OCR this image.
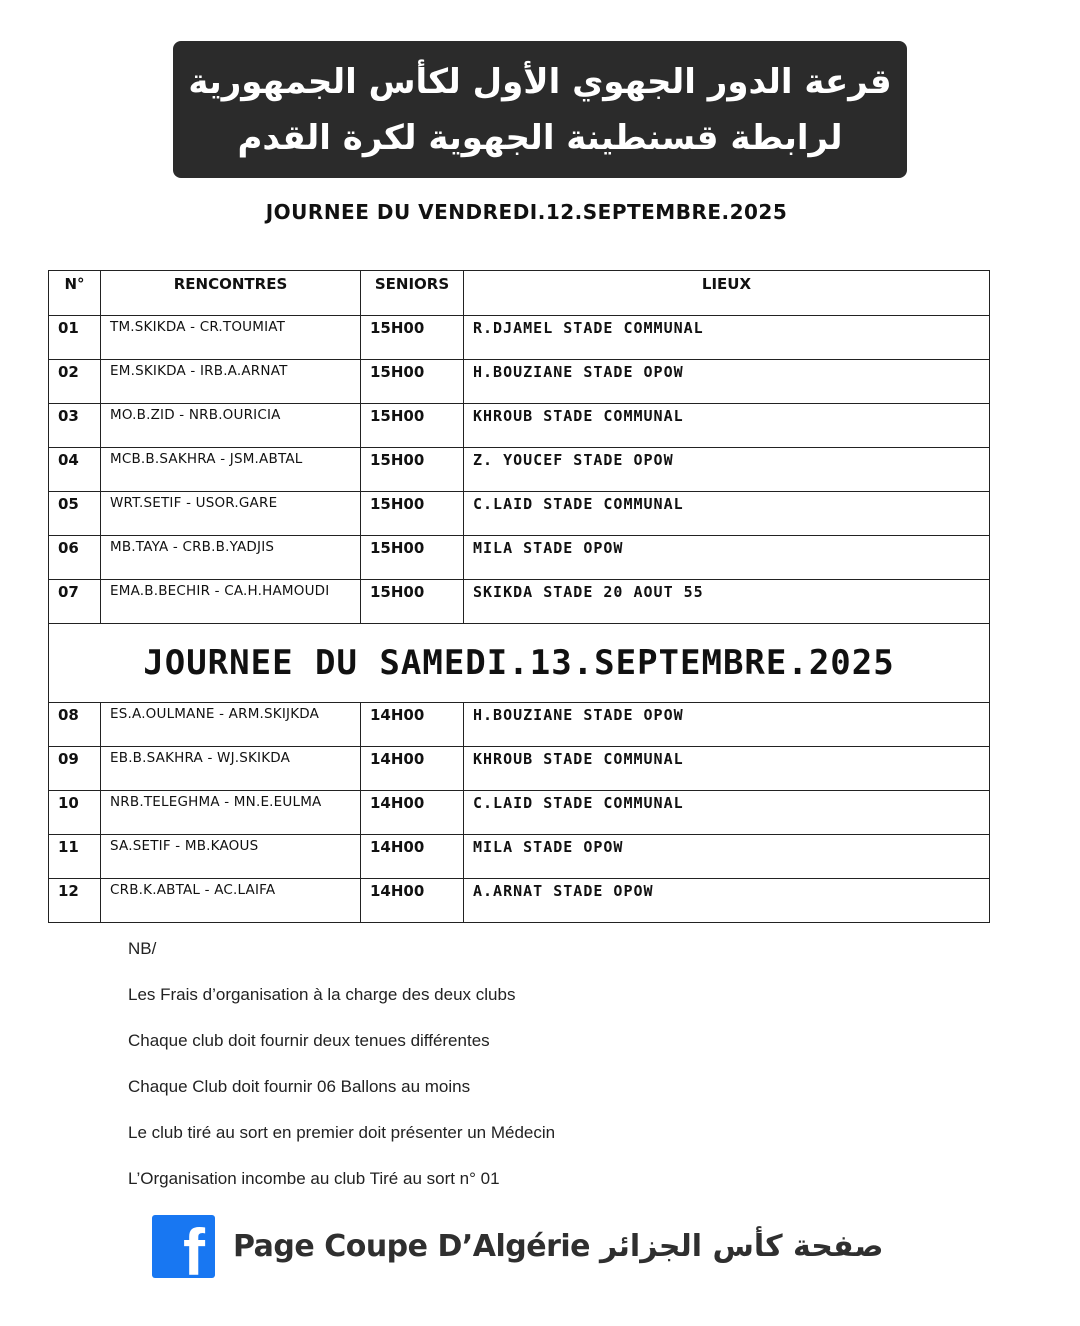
قرعة الدور الجهوي الأول لكأس الجمهورية
لرابطة قسنطينة الجهوية لكرة القدم
JOURNEE DU VENDREDI.12.SEPTEMBRE.2025
N°	RENCONTRES	SENIORS	LIEUX
01	TM.SKIKDA - CR.TOUMIAT	15H00	R.DJAMEL STADE COMMUNAL
02	EM.SKIKDA - IRB.A.ARNAT	15H00	H.BOUZIANE STADE OPOW
03	MO.B.ZID - NRB.OURICIA	15H00	KHROUB STADE COMMUNAL
04	MCB.B.SAKHRA - JSM.ABTAL	15H00	Z. YOUCEF STADE OPOW
05	WRT.SETIF - USOR.GARE	15H00	C.LAID STADE COMMUNAL
06	MB.TAYA - CRB.B.YADJIS	15H00	MILA STADE OPOW
07	EMA.B.BECHIR - CA.H.HAMOUDI	15H00	SKIKDA STADE 20 AOUT 55
JOURNEE DU SAMEDI.13.SEPTEMBRE.2025			
08	ES.A.OULMANE - ARM.SKIJKDA	14H00	H.BOUZIANE STADE OPOW
09	EB.B.SAKHRA - WJ.SKIKDA	14H00	KHROUB STADE COMMUNAL
10	NRB.TELEGHMA - MN.E.EULMA	14H00	C.LAID STADE COMMUNAL
11	SA.SETIF - MB.KAOUS	14H00	MILA STADE OPOW
12	CRB.K.ABTAL - AC.LAIFA	14H00	A.ARNAT STADE OPOW
NB/
Les Frais d’organisation à la charge des deux clubs
Chaque club doit fournir deux tenues différentes
Chaque Club doit fournir 06 Ballons au moins
Le club tiré au sort en premier doit présenter un Médecin
L’Organisation incombe au club Tiré au sort n° 01
f Page Coupe D’Algérie صفحة كأس الجزائر
